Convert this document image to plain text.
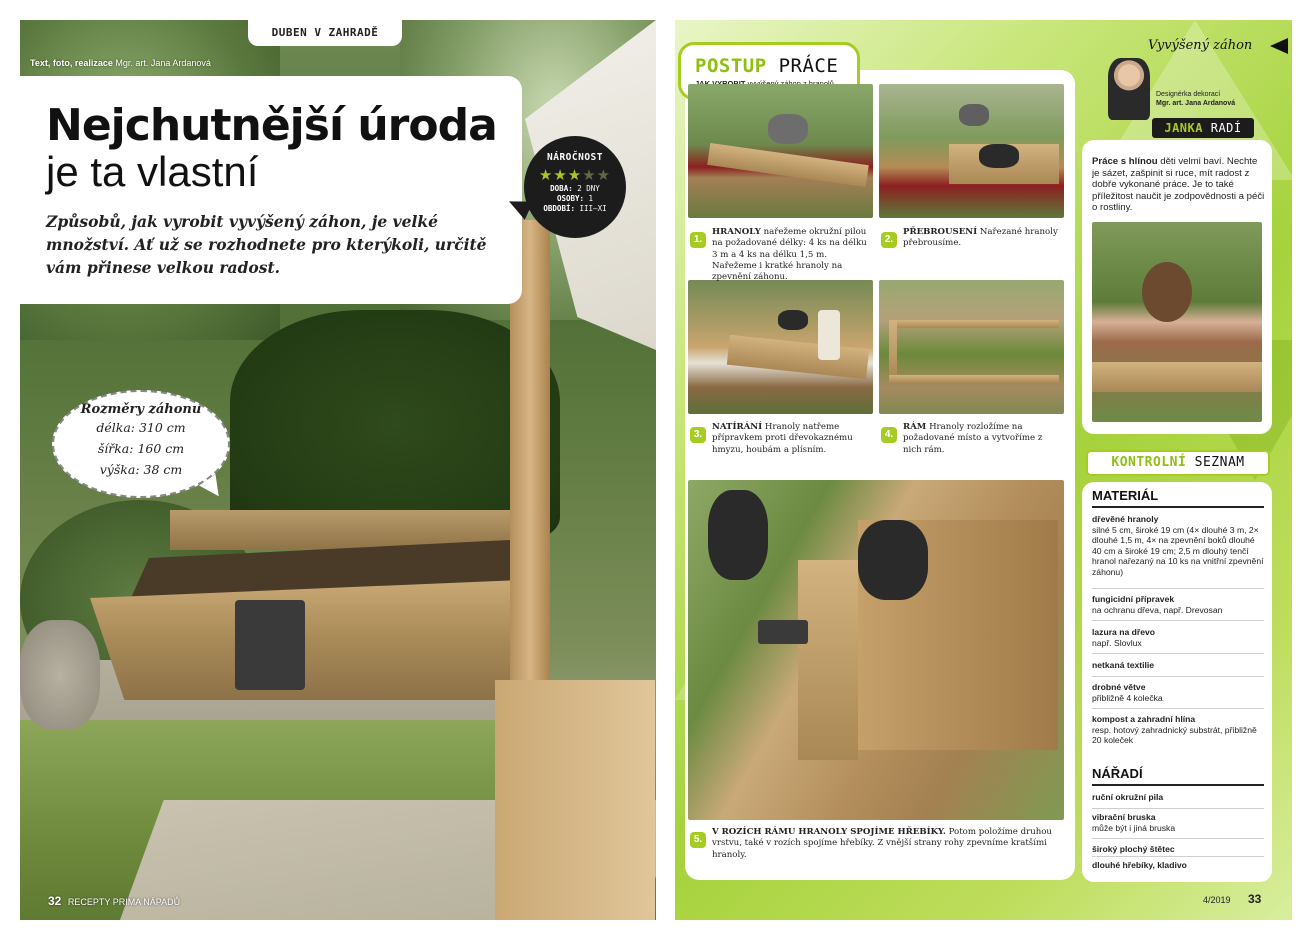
DUBEN V ZAHRADĚ
Text, foto, realizace Mgr. art. Jana Ardanová
Nejchutnější úroda
je ta vlastní
Způsobů, jak vyrobit vyvýšený záhon, je velké množství. Ať už se rozhodnete pro kterýkoli, určitě vám přinese velkou radost.
NÁROČNOST
★★★★★
DOBA: 2 DNY
OSOBY: 1
OBDOBÍ: III–XI
Rozměry záhonu
délka: 310 cm
šířka: 160 cm
výška: 38 cm
32 RECEPTY PRIMA NÁPADŮ
Vyvýšený záhon
POSTUP PRÁCE
1.
HRANOLY nařežeme okružní pilou na požadované délky: 4 ks na délku 3 m a 4 ks na délku 1,5 m. Nařežeme i kratké hranoly na zpevnění záhonu.
2.
PŘEBROUSENÍ Nařezané hranoly přebrousíme.
3.
NATÍRÁNÍ Hranoly natřeme přípravkem proti dřevokaznému hmyzu, houbám a plísním.
4.
RÁM Hranoly rozložíme na požadované místo a vytvoříme z nich rám.
5.
V ROZÍCH RÁMU HRANOLY SPOJÍME HŘEBÍKY. Potom položíme druhou vrstvu, také v rozích spojíme hřebíky. Z vnější strany rohy zpevníme kratšími hranoly.
Designérka dekorací
Mgr. art. Jana Ardanová
JANKA RADÍ
Práce s hlínou děti velmi baví. Nechte je sázet, zašpinit si ruce, mít radost z dobře vykonané práce. Je to také příležitost naučit je zodpovědnosti a péči o rostliny.
KONTROLNÍ SEZNAM
MATERIÁL
dřevěné hranoly
silné 5 cm, široké 19 cm (4× dlouhé 3 m, 2× dlouhé 1,5 m, 4× na zpevnění boků dlouhé 40 cm a široké 19 cm; 2,5 m dlouhý tenčí hranol nařezaný na 10 ks na vnitřní zpevnění záhonu)
fungicidní přípravek
na ochranu dřeva, např. Drevosan
lazura na dřevo
např. Slovlux
netkaná textilie
drobné větve
přibližně 4 kolečka
kompost a zahradní hlína
resp. hotový zahradnický substrát, přibližně 20 koleček
NÁŘADÍ
ruční okružní pila
vibrační bruska
může být i jiná bruska
široký plochý štětec
dlouhé hřebíky, kladivo
4/2019 33
